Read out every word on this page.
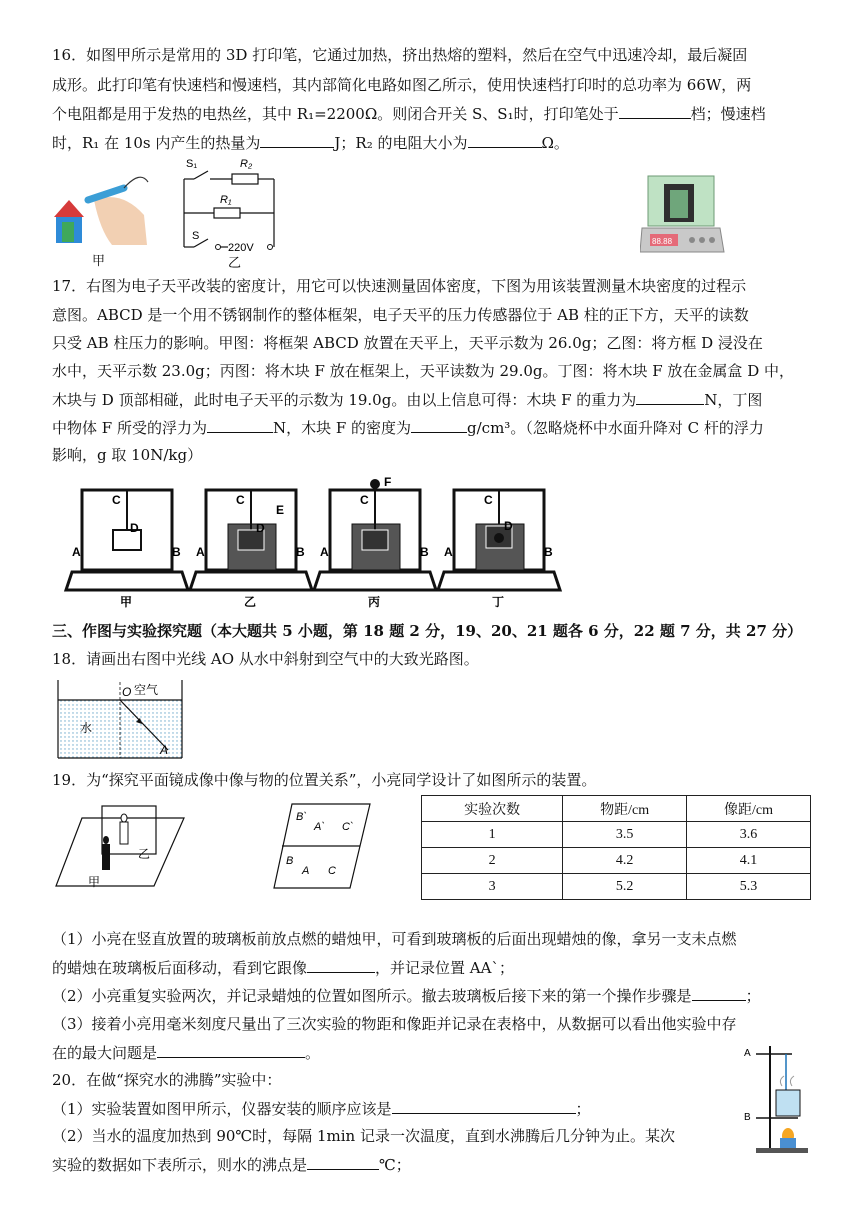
16．如图甲所示是常用的 3D 打印笔，它通过加热，挤出热熔的塑料，然后在空气中迅速冷却，最后凝固
成形。此打印笔有快速档和慢速档，其内部简化电路如图乙所示，使用快速档打印时的总功率为 66W，两
个电阻都是用于发热的电热丝，其中 R₁=2200Ω。则闭合开关 S、S₁时，打印笔处于	档；慢速档
时，R₁ 在 10s 内产生的热量为	J；R₂ 的电阻大小为	Ω。
甲
S₁	R₂
R₁
S
220V
乙
88.88
17．右图为电子天平改装的密度计，用它可以快速测量固体密度，下图为用该装置测量木块密度的过程示
意图。ABCD 是一个用不锈钢制作的整体框架，电子天平的压力传感器位于 AB 柱的正下方，天平的读数
只受 AB 柱压力的影响。甲图：将框架 ABCD 放置在天平上，天平示数为 26.0g；乙图：将方框 D 浸没在
水中，天平示数 23.0g；丙图：将木块 F 放在框架上，天平读数为 29.0g。丁图：将木块 F 放在金属盒 D 中，
木块与 D 顶部相碰，此时电子天平的示数为 19.0g。由以上信息可得：木块 F 的重力为	N，丁图
中物体 F 所受的浮力为	N，木块 F 的密度为	g/cm³。（忽略烧杯中水面升降对 C 杆的浮力
影响，g 取 10N/kg）
C
D
A	B
甲
C
D
E
A	B
乙
F
C
A	B
丙
C
D
A	B
丁
三、作图与实验探究题（本大题共 5 小题，第 18 题 2 分，19、20、21 题各 6 分，22 题 7 分，共 27 分）
18．请画出右图中光线 AO 从水中斜射到空气中的大致光路图。
O 空气
水
A
19．为“探究平面镜成像中像与物的位置关系”，小亮同学设计了如图所示的装置。
乙
甲
B`
A` C`
B
A C
实验次数	物距/cm	像距/cm
1	3.5	3.6
2	4.2	4.1
3	5.2	5.3
（1）小亮在竖直放置的玻璃板前放点燃的蜡烛甲，可看到玻璃板的后面出现蜡烛的像，拿另一支未点燃
的蜡烛在玻璃板后面移动，看到它跟像	，并记录位置 AA`；
（2）小亮重复实验两次，并记录蜡烛的位置如图所示。撤去玻璃板后接下来的第一个操作步骤是	；
（3）接着小亮用毫米刻度尺量出了三次实验的物距和像距并记录在表格中，从数据可以看出他实验中存
在的最大问题是	。
20．在做“探究水的沸腾”实验中：
（1）实验装置如图甲所示，仪器安装的顺序应该是	；
（2）当水的温度加热到 90℃时，每隔 1min 记录一次温度，直到水沸腾后几分钟为止。某次
实验的数据如下表所示，则水的沸点是	℃；
A
B
